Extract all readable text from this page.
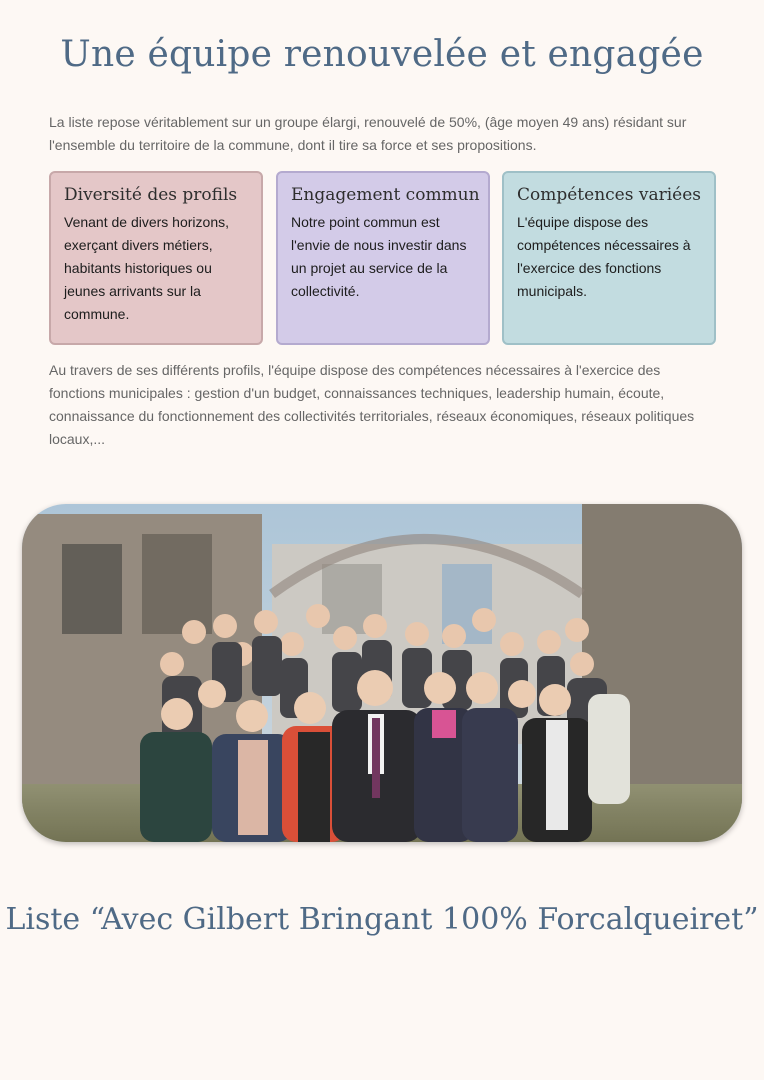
Une équipe renouvelée et engagée

La liste repose véritablement sur un groupe élargi, renouvelé de 50%, (âge moyen 49 ans) résidant sur l'ensemble du territoire de la commune, dont il tire sa force et ses propositions.

Diversité des profils

Venant de divers horizons, exerçant divers métiers, habitants historiques ou jeunes arrivants sur la commune.

Engagement commun

Notre point commun est l'envie de nous investir dans un projet au service de la collectivité.

Compétences variées

L'équipe dispose des compétences nécessaires à l'exercice des fonctions municipals.

Au travers de ses différents profils, l'équipe dispose des compétences nécessaires à l'exercice des fonctions municipales : gestion d'un budget, connaissances techniques, leadership humain, écoute, connaissance du fonctionnement des collectivités territoriales, réseaux économiques, réseaux politiques locaux,...

Liste “Avec Gilbert Bringant 100% Forcalqueiret”
